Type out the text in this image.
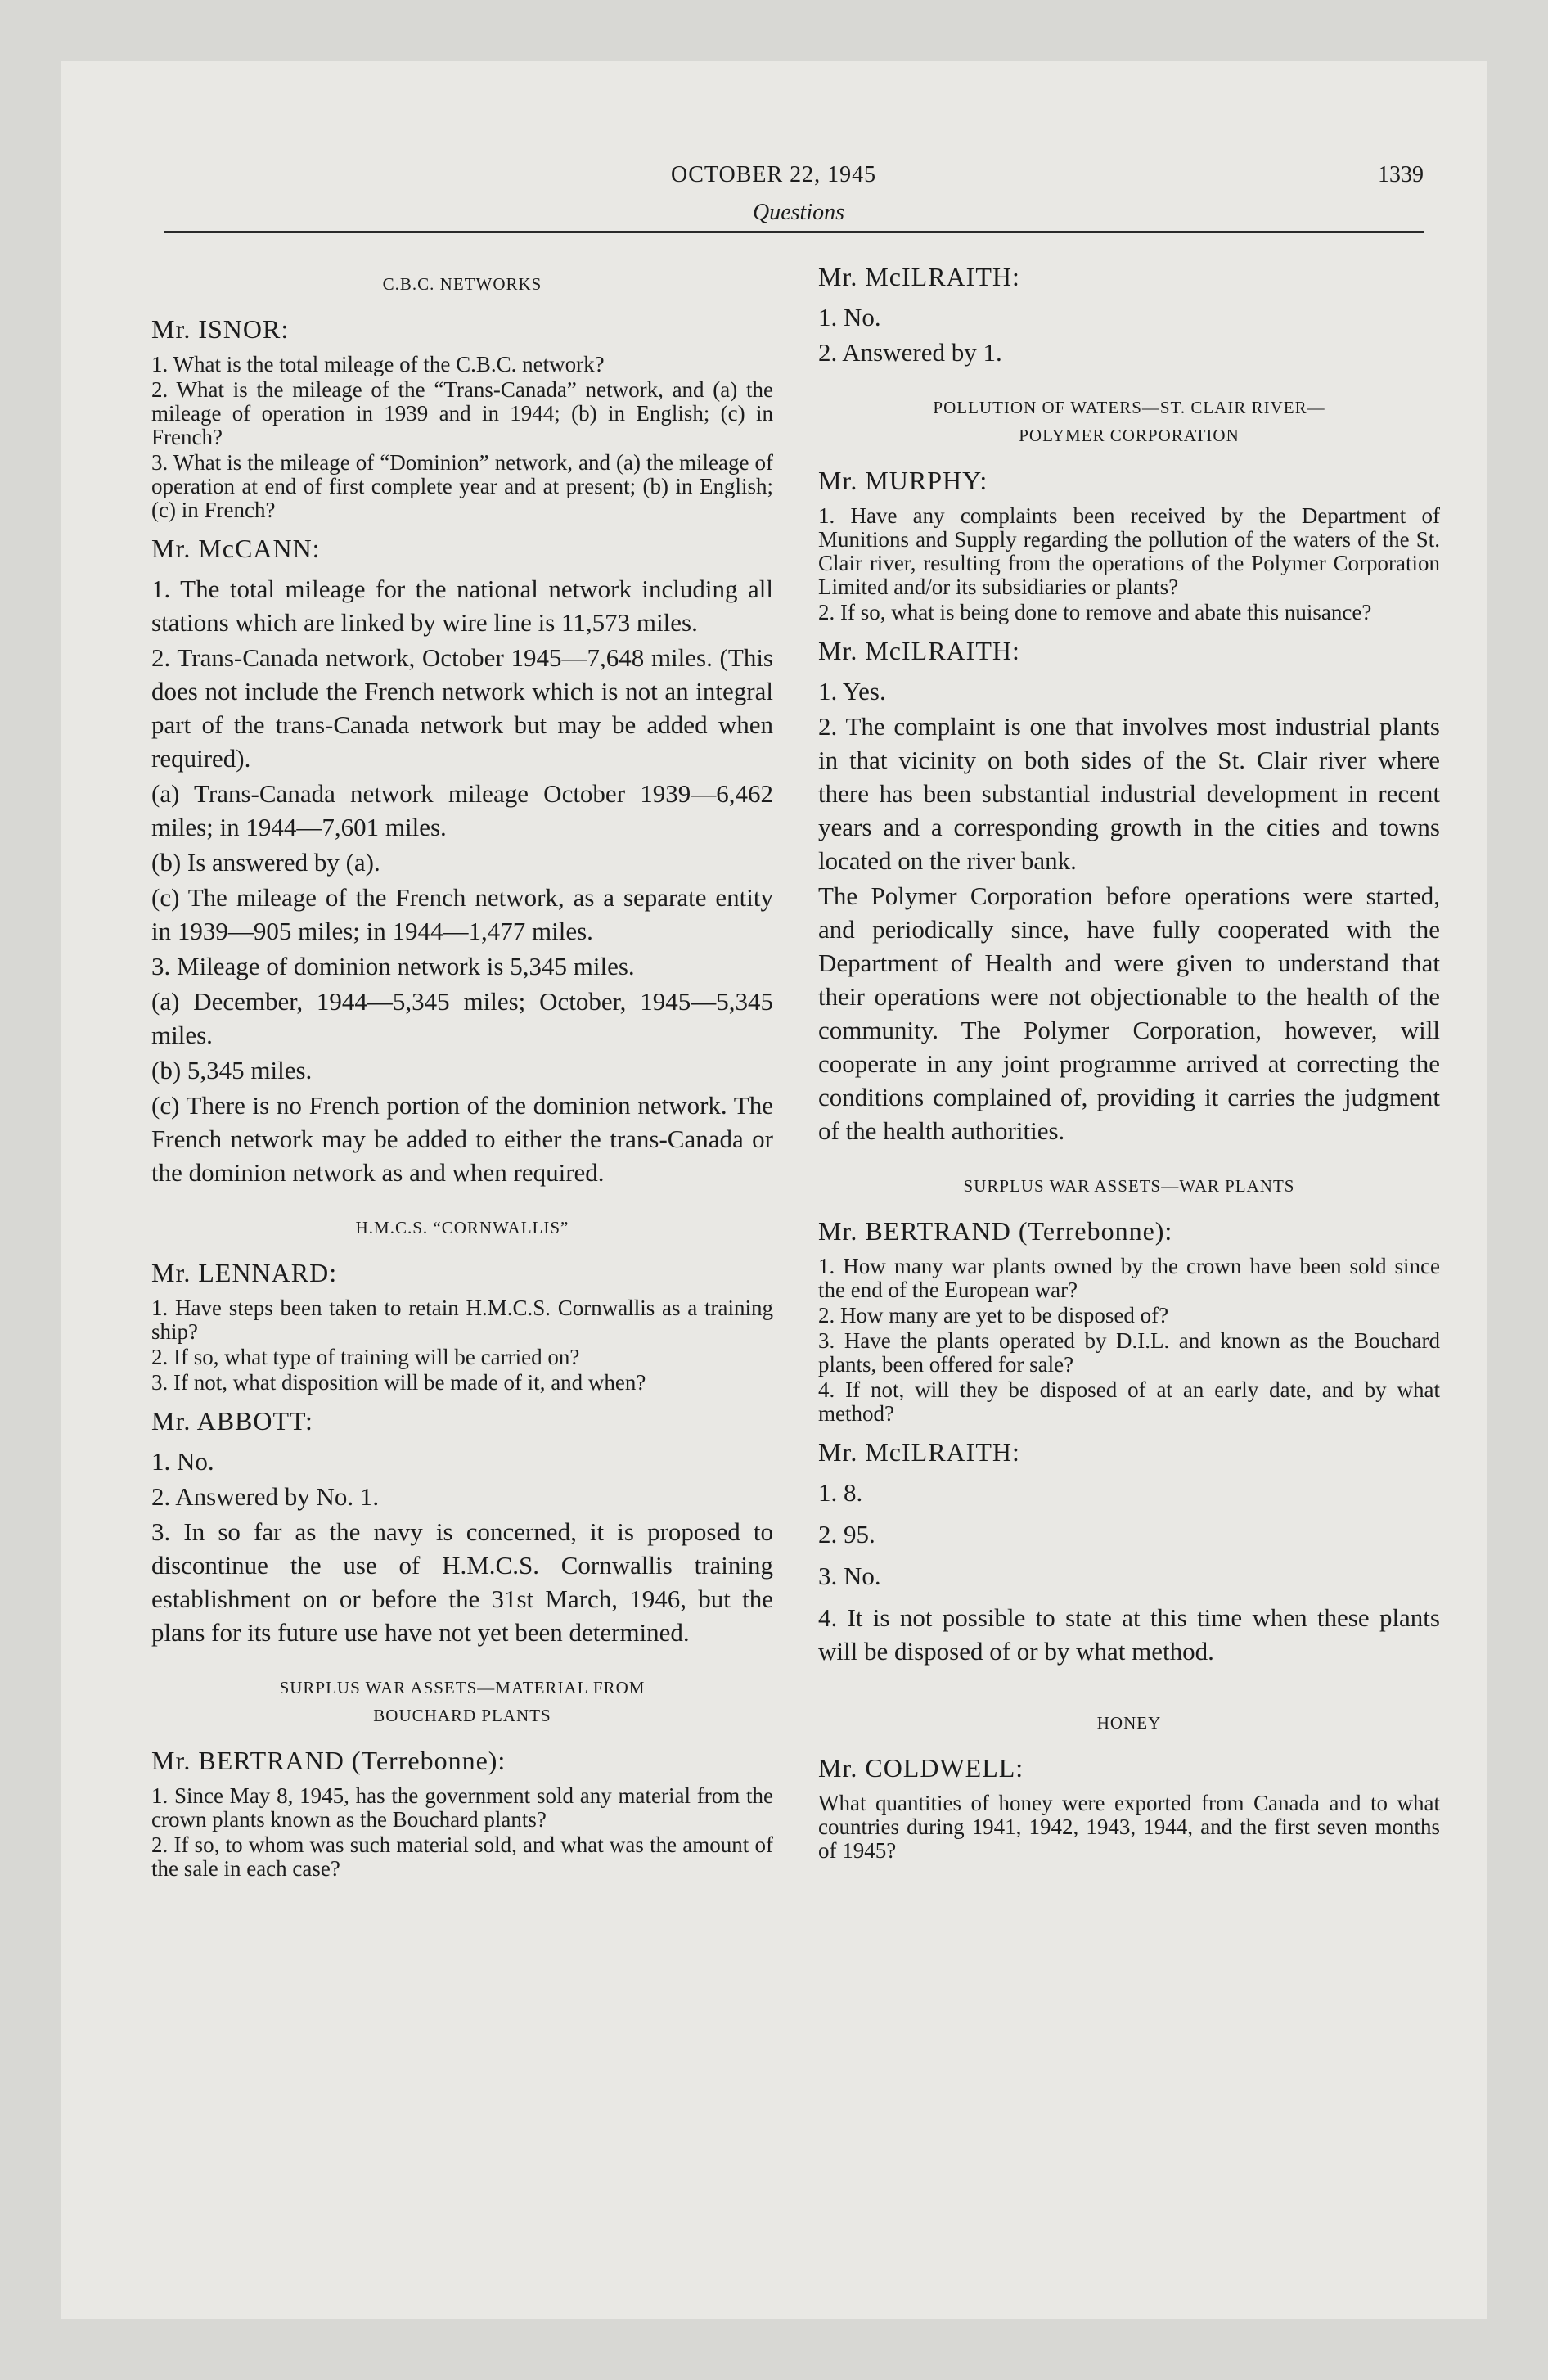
OCTOBER 22, 1945	1339
Questions
C.B.C. NETWORKS
Mr. ISNOR:

1. What is the total mileage of the C.B.C. network?

2. What is the mileage of the “Trans-Canada” network, and (a) the mileage of operation in 1939 and in 1944; (b) in English; (c) in French?

3. What is the mileage of “Dominion” network, and (a) the mileage of operation at end of first complete year and at present; (b) in English; (c) in French?

Mr. McCANN:

1. The total mileage for the national network including all stations which are linked by wire line is 11,573 miles.

2. Trans-Canada network, October 1945—7,648 miles. (This does not include the French network which is not an integral part of the trans-Canada network but may be added when required).

(a) Trans-Canada network mileage October 1939—6,462 miles; in 1944—7,601 miles.

(b) Is answered by (a).

(c) The mileage of the French network, as a separate entity in 1939—905 miles; in 1944—1,477 miles.

3. Mileage of dominion network is 5,345 miles.

(a) December, 1944—5,345 miles; October, 1945—5,345 miles.

(b) 5,345 miles.

(c) There is no French portion of the dominion network. The French network may be added to either the trans-Canada or the dominion network as and when required.

H.M.C.S. “CORNWALLIS”
Mr. LENNARD:

1. Have steps been taken to retain H.M.C.S. Cornwallis as a training ship?

2. If so, what type of training will be carried on?

3. If not, what disposition will be made of it, and when?

Mr. ABBOTT:

1. No.

2. Answered by No. 1.

3. In so far as the navy is concerned, it is proposed to discontinue the use of H.M.C.S. Cornwallis training establishment on or before the 31st March, 1946, but the plans for its future use have not yet been determined.

SURPLUS WAR ASSETS—MATERIAL FROM
BOUCHARD PLANTS
Mr. BERTRAND (Terrebonne):

1. Since May 8, 1945, has the government sold any material from the crown plants known as the Bouchard plants?

2. If so, to whom was such material sold, and what was the amount of the sale in each case?

Mr. McILRAITH:

1. No.

2. Answered by 1.

POLLUTION OF WATERS—ST. CLAIR RIVER—
POLYMER CORPORATION
Mr. MURPHY:

1. Have any complaints been received by the Department of Munitions and Supply regarding the pollution of the waters of the St. Clair river, resulting from the operations of the Polymer Corporation Limited and/or its subsidiaries or plants?

2. If so, what is being done to remove and abate this nuisance?

Mr. McILRAITH:

1. Yes.

2. The complaint is one that involves most industrial plants in that vicinity on both sides of the St. Clair river where there has been substantial industrial development in recent years and a corresponding growth in the cities and towns located on the river bank.

The Polymer Corporation before operations were started, and periodically since, have fully cooperated with the Department of Health and were given to understand that their operations were not objectionable to the health of the community. The Polymer Corporation, however, will cooperate in any joint programme arrived at correcting the conditions complained of, providing it carries the judgment of the health authorities.

SURPLUS WAR ASSETS—WAR PLANTS
Mr. BERTRAND (Terrebonne):

1. How many war plants owned by the crown have been sold since the end of the European war?

2. How many are yet to be disposed of?

3. Have the plants operated by D.I.L. and known as the Bouchard plants, been offered for sale?

4. If not, will they be disposed of at an early date, and by what method?

Mr. McILRAITH:

1. 8.

2. 95.

3. No.

4. It is not possible to state at this time when these plants will be disposed of or by what method.

HONEY
Mr. COLDWELL:

What quantities of honey were exported from Canada and to what countries during 1941, 1942, 1943, 1944, and the first seven months of 1945?
